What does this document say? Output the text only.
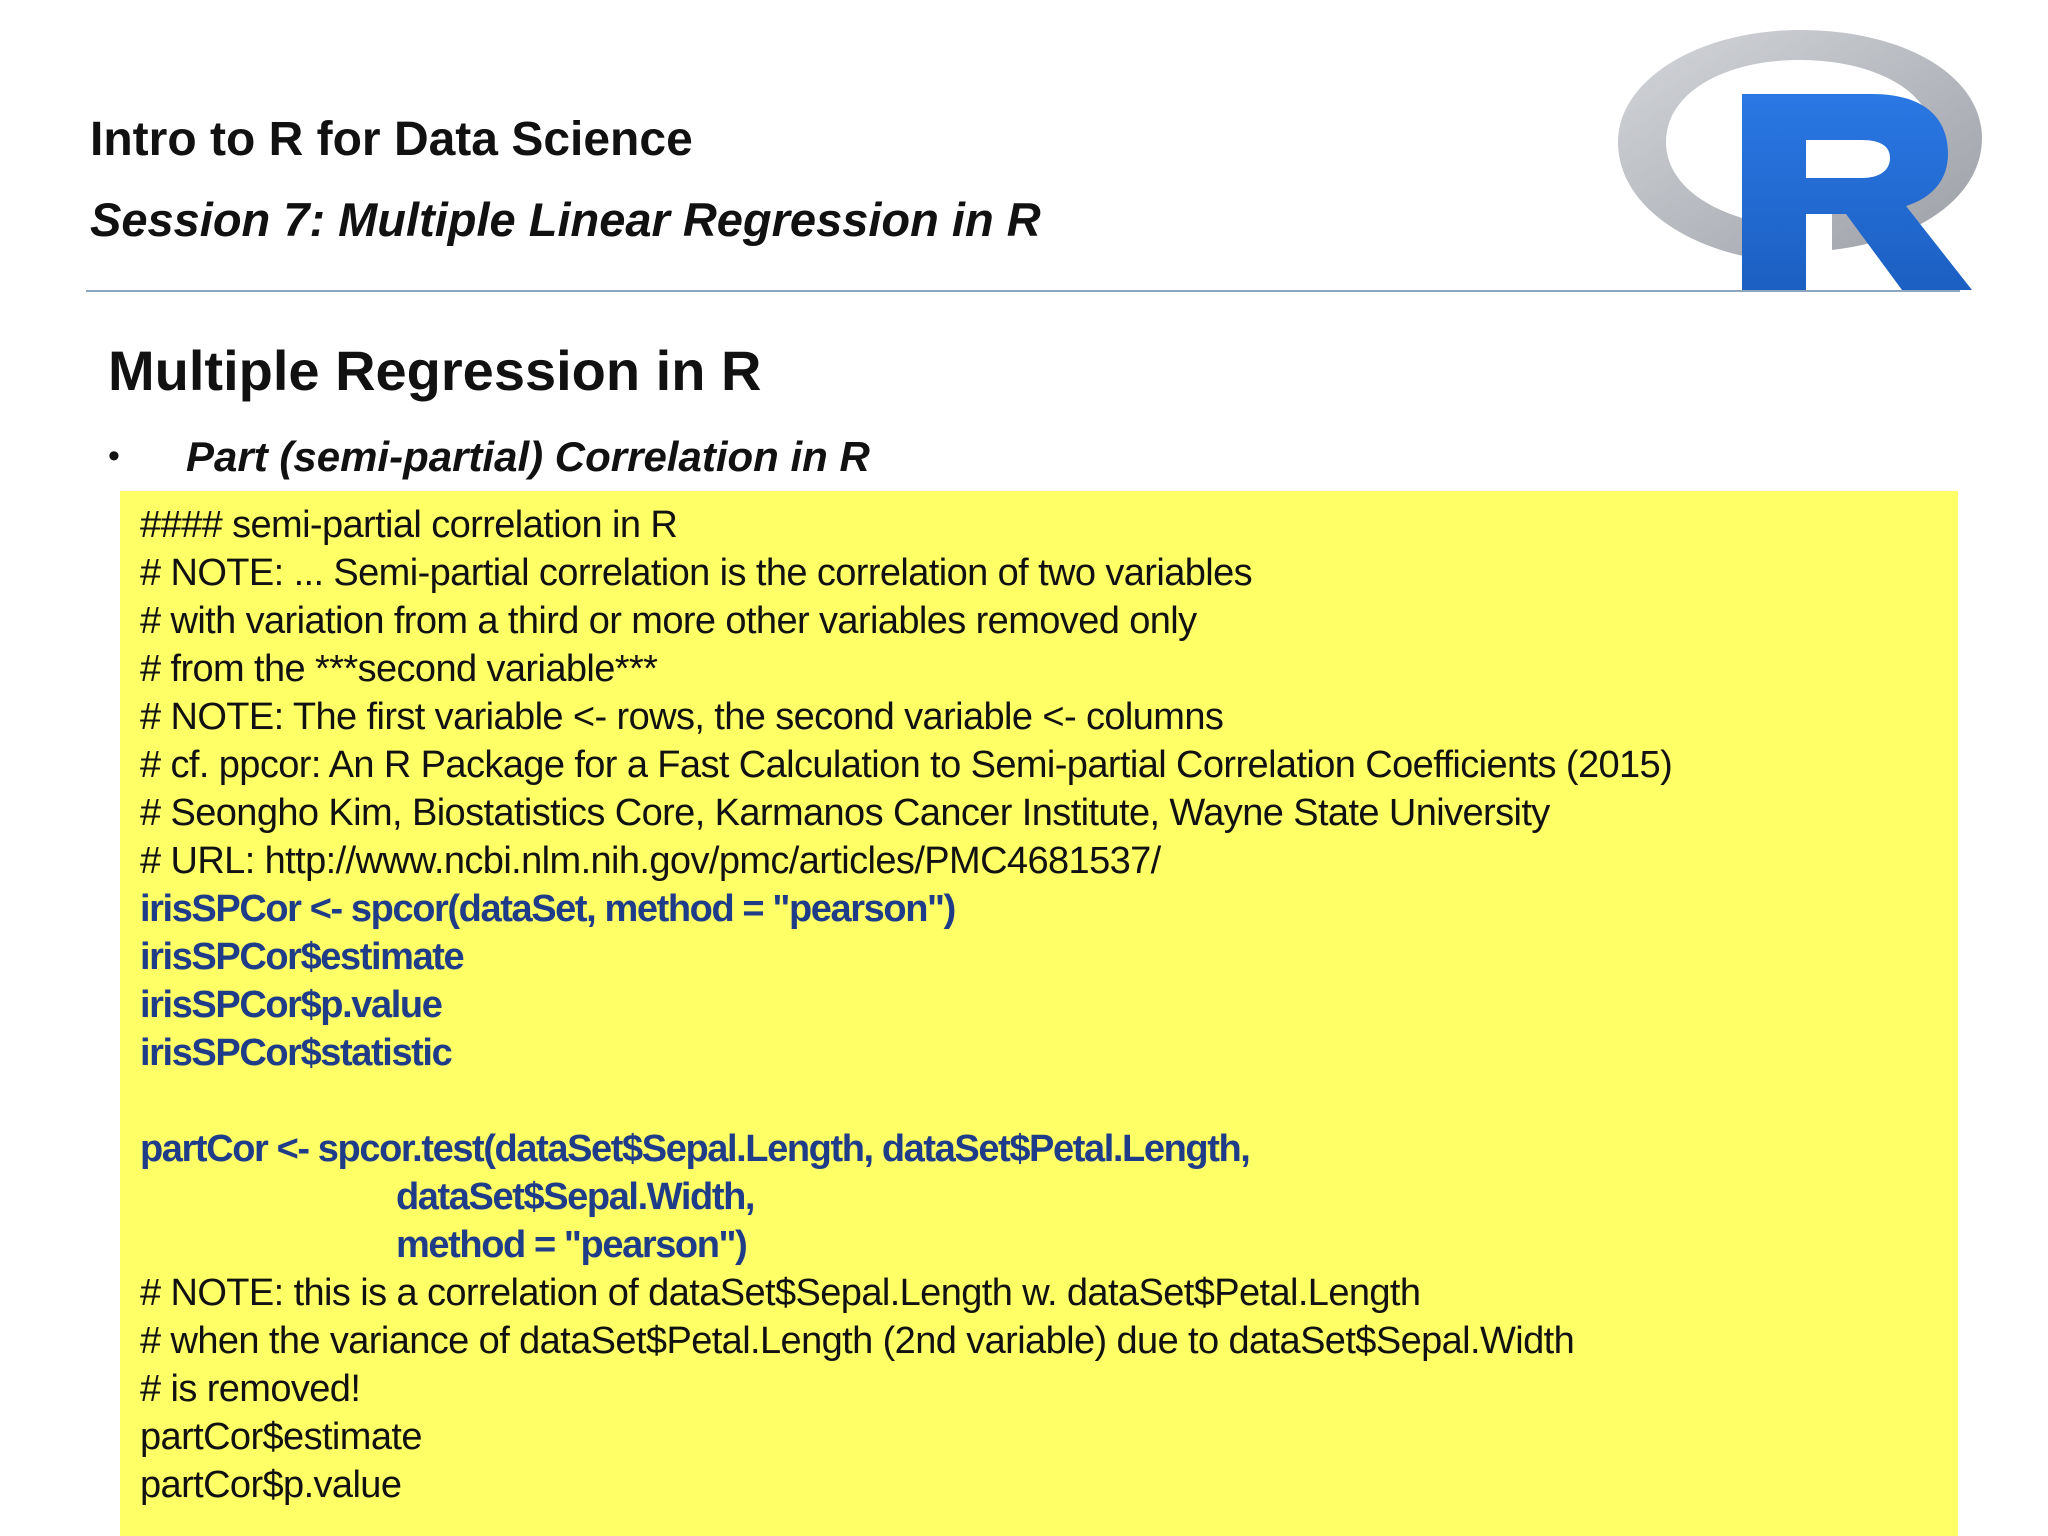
Intro to R for Data Science
Session 7: Multiple Linear Regression in R
Multiple Regression in R
• Part (semi-partial) Correlation in R
#### semi-partial correlation in R
# NOTE: ... Semi-partial correlation is the correlation of two variables
# with variation from a third or more other variables removed only
# from the ***second variable***
# NOTE: The first variable <- rows, the second variable <- columns
# cf. ppcor: An R Package for a Fast Calculation to Semi-partial Correlation Coefficients (2015)
# Seongho Kim, Biostatistics Core, Karmanos Cancer Institute, Wayne State University
# URL: http://www.ncbi.nlm.nih.gov/pmc/articles/PMC4681537/
irisSPCor <- spcor(dataSet, method = "pearson")
irisSPCor$estimate
irisSPCor$p.value
irisSPCor$statistic
partCor <- spcor.test(dataSet$Sepal.Length, dataSet$Petal.Length,
dataSet$Sepal.Width,
method = "pearson")
# NOTE: this is a correlation of dataSet$Sepal.Length w. dataSet$Petal.Length
# when the variance of dataSet$Petal.Length (2nd variable) due to dataSet$Sepal.Width
# is removed!
partCor$estimate
partCor$p.value
